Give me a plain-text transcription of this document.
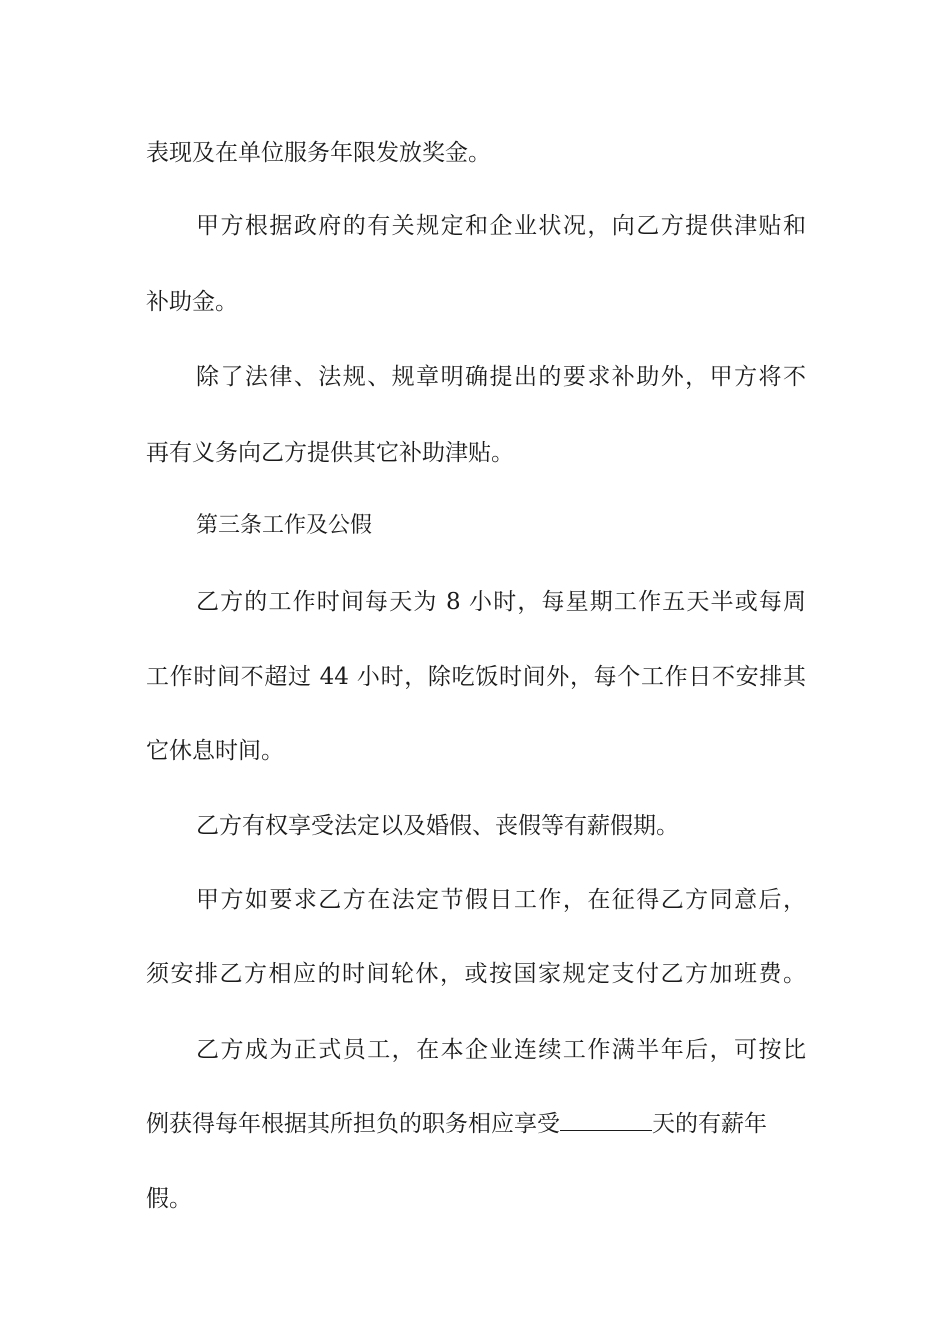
表现及在单位服务年限发放奖金。
甲方根据政府的有关规定和企业状况，向乙方提供津贴和
补助金。
除了法律、法规、规章明确提出的要求补助外，甲方将不
再有义务向乙方提供其它补助津贴。
第三条工作及公假
乙方的工作时间每天为 8 小时，每星期工作五天半或每周
工作时间不超过 44 小时，除吃饭时间外，每个工作日不安排其
它休息时间。
乙方有权享受法定以及婚假、丧假等有薪假期。
甲方如要求乙方在法定节假日工作，在征得乙方同意后，
须安排乙方相应的时间轮休，或按国家规定支付乙方加班费。
乙方成为正式员工，在本企业连续工作满半年后，可按比
例获得每年根据其所担负的职务相应享受	天的有薪年
假。
